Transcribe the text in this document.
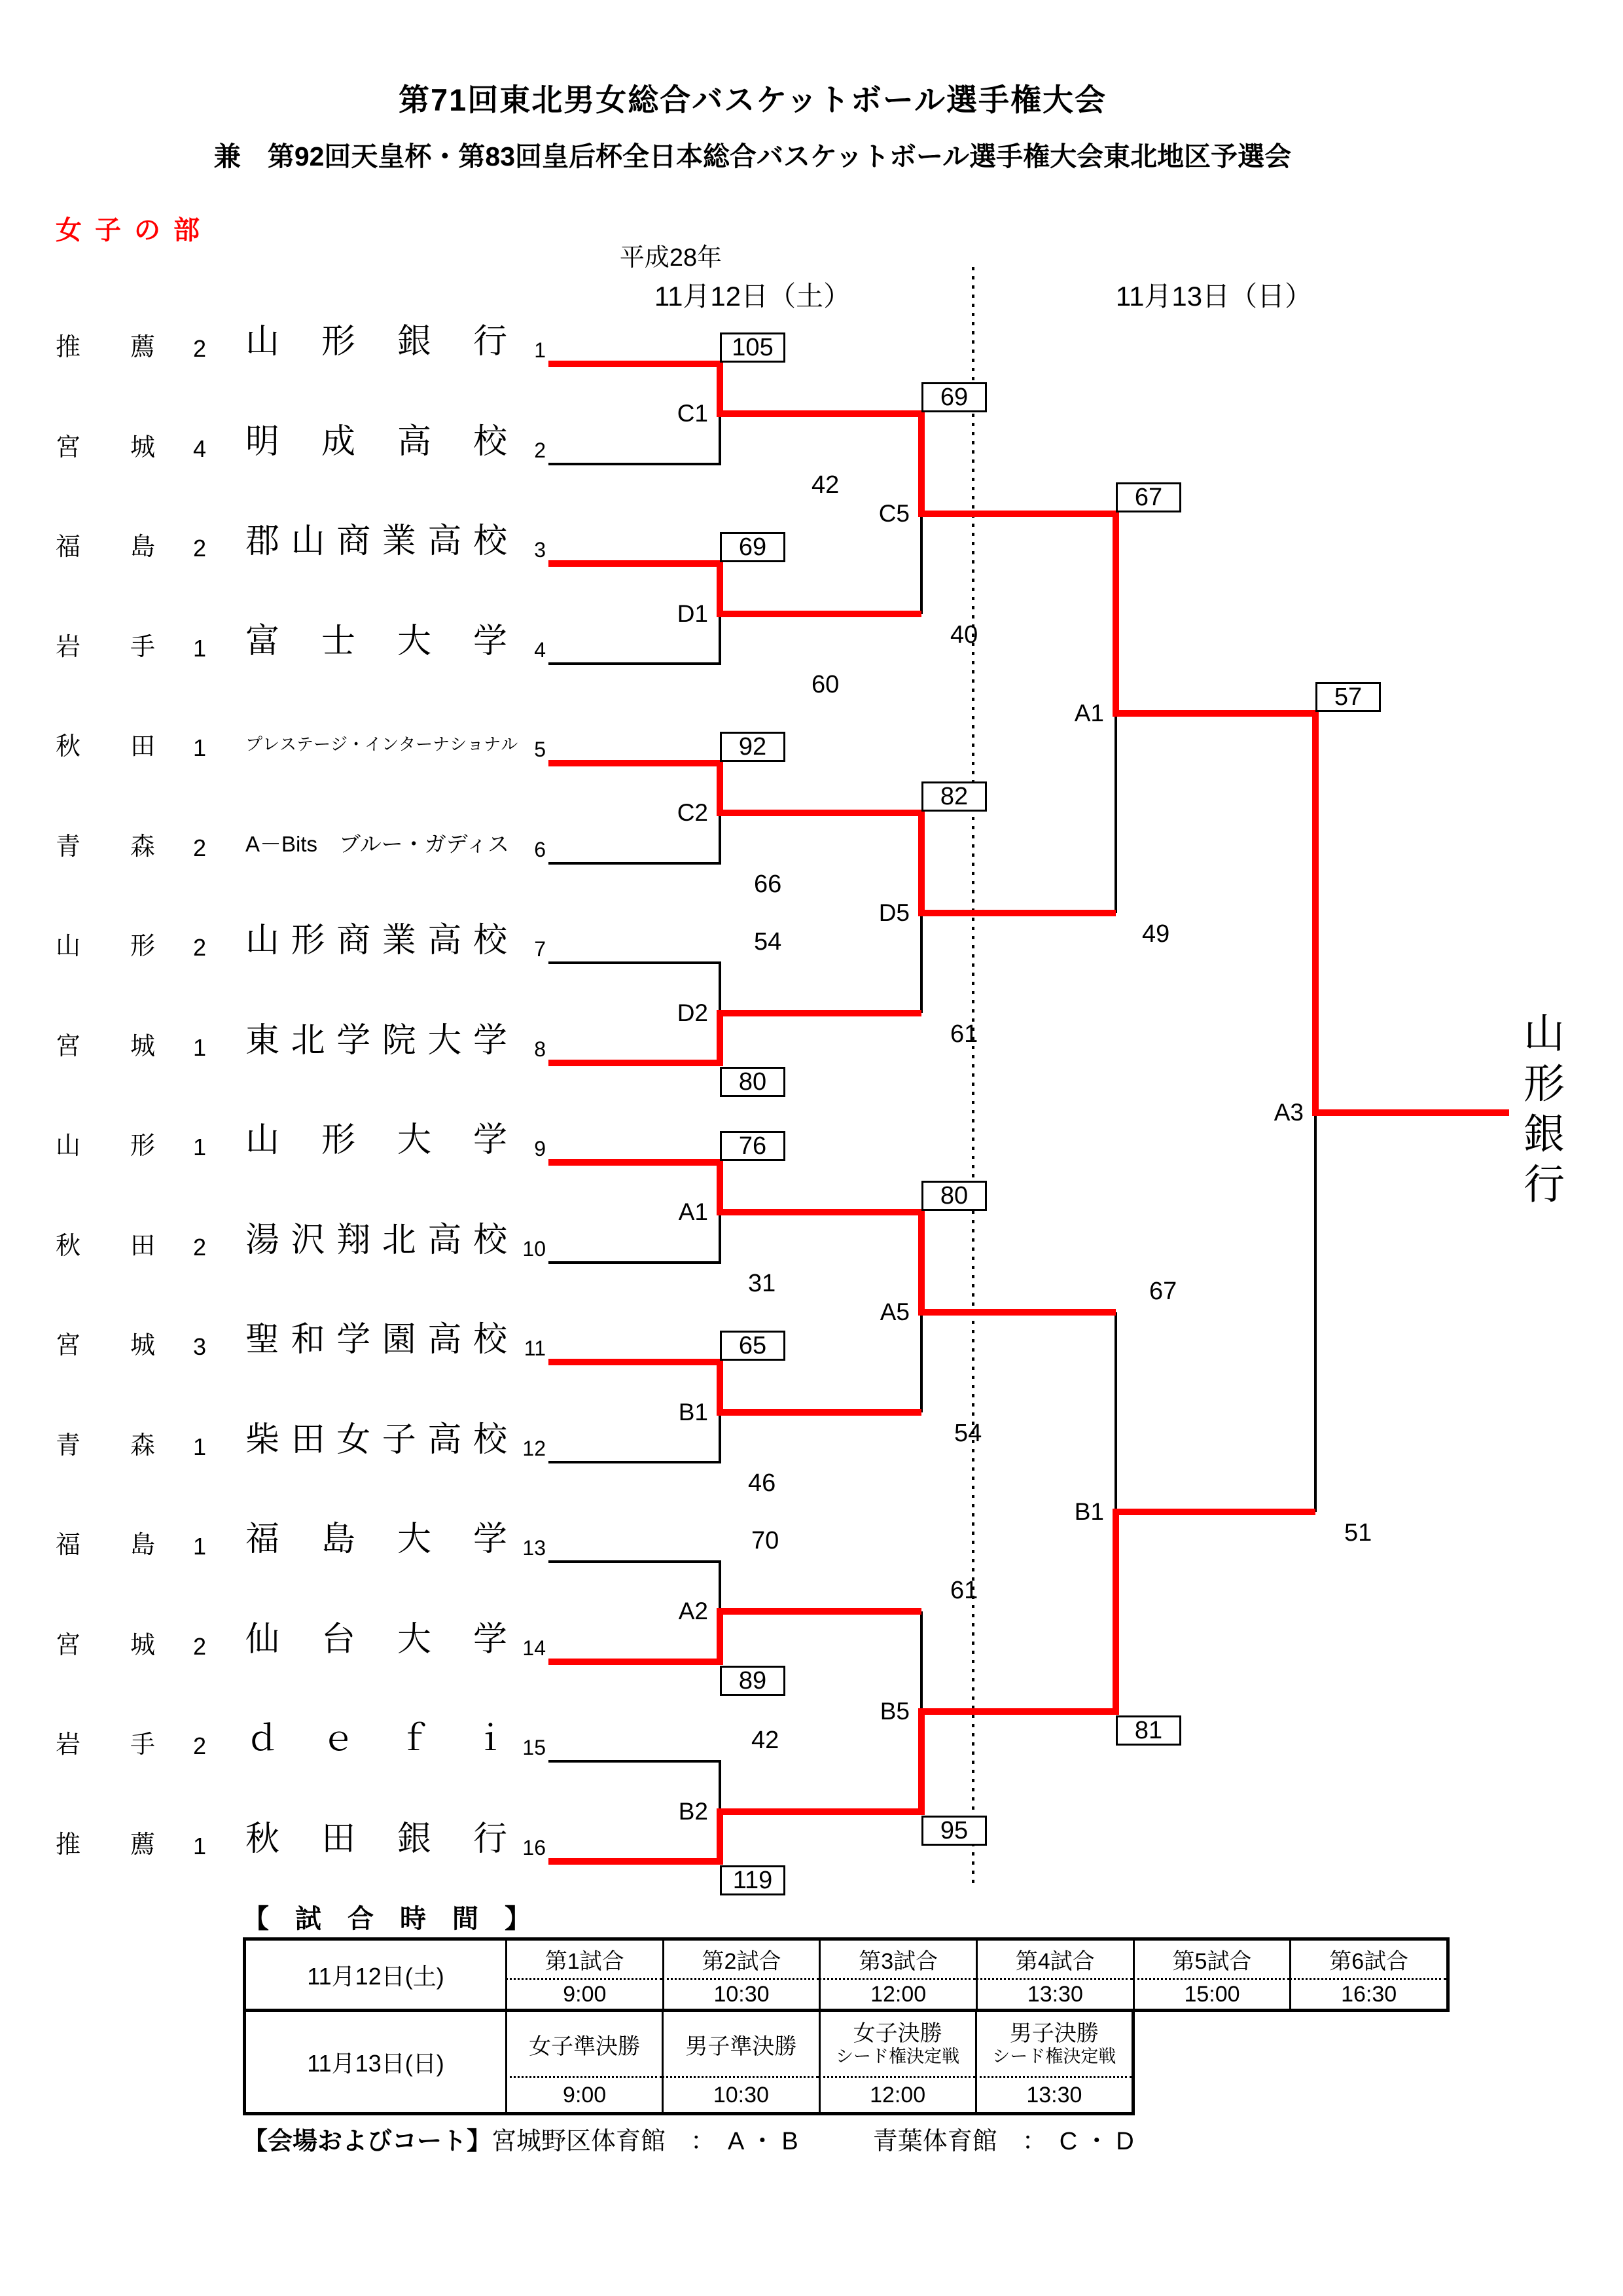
第71回東北男女総合バスケットボール選手権大会
兼　第92回天皇杯・第83回皇后杯全日本総合バスケットボール選手権大会東北地区予選会
女子の部
平成28年
11月12日（土）	11月13日（日）
推 薦	2 山 形 銀 行	1
宮 城	4 明 成 高 校	2
福 島	2 郡 山 商 業 高 校	3
岩 手	1 富 士 大 学	4
秋 田	1	プ レ ス テ ー ジ ・ イ ン タ ー ナ シ ョ ナ ル 5
青 森	2	A－Bits　ブルー・ガディス	6
山 形	2 山 形 商 業 高 校	7
宮 城	1 東 北 学 院 大 学	8
山 形	1 山 形 大 学	9
秋 田	2 湯 沢 翔 北 高 校 10
宮 城	3 聖 和 学 園 高 校 11
青 森	1 柴 田 女 子 高 校 12
福 島	1 福 島 大 学 13
宮 城	2 仙 台 大 学 14
岩 手	2 ｄ ｅ ｆ ｉ 15
推 薦	1 秋 田 銀 行 16
C1
D1
C2
D2
A1
B1
A2
B2
C5
D5
A5
B5
A1
B1
A3
105
69
92
80
76
65
89
119
69
82
80
95
67
81
57
42
60
66
54
31
46
70
42
40
61
54
61
49
67
51
山形銀行
【　試　合　時　間　】
11月12日(土)
第1試合	第2試合	第3試合	第4試合	第5試合	第6試合
9:00	10:30	12:00	13:30	15:00	16:30
11月13日(日)
女子準決勝	男子準決勝
女子決勝
シード権決定戦
男子決勝
シード権決定戦
9:00	10:30	12:00	13:30
【会場およびコート】宮城野区体育館　：　A ・ B　　　青葉体育館　：　C ・ D
